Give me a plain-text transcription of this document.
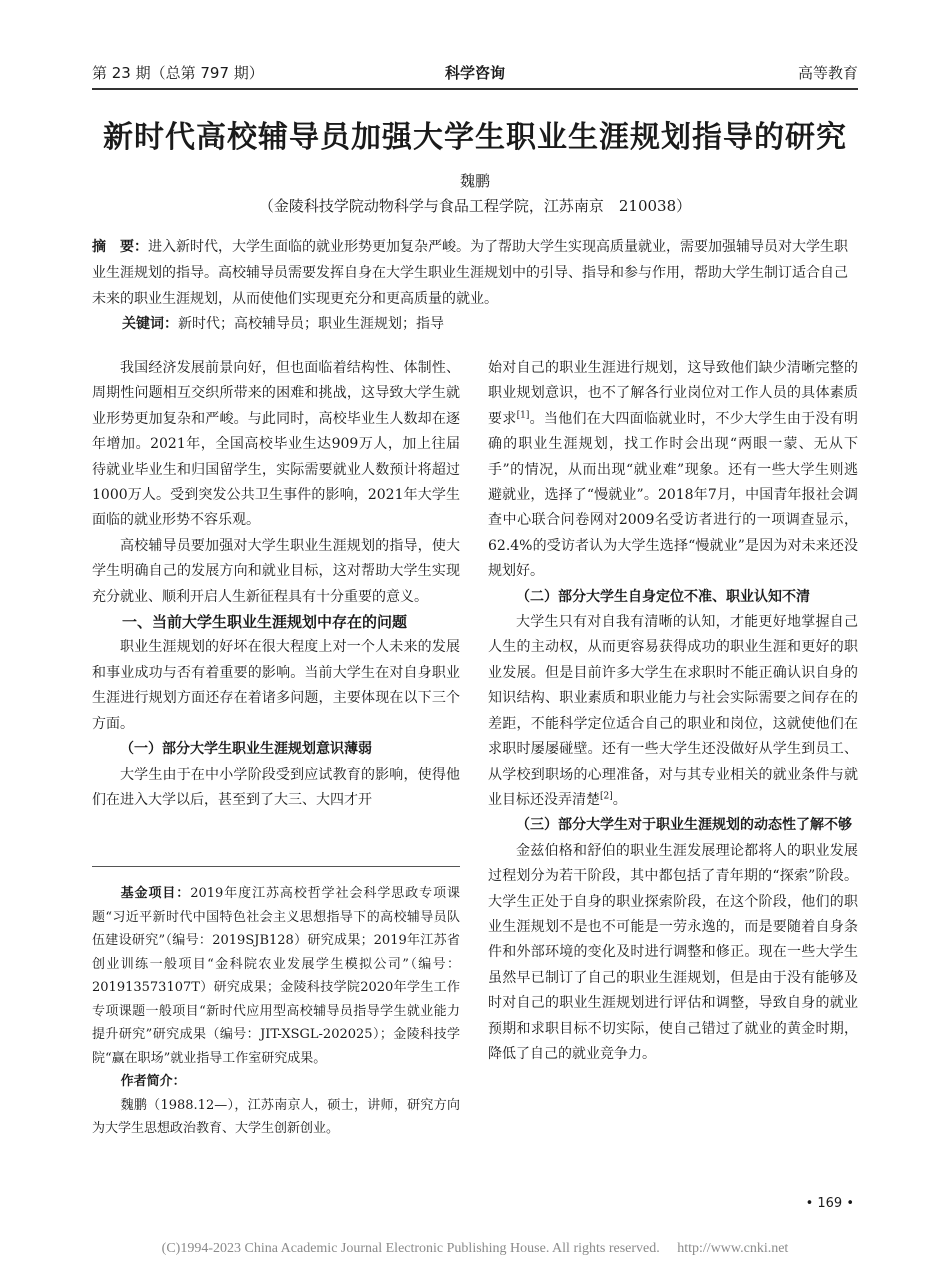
第 23 期（总第 797 期）	科学咨询	高等教育
新时代高校辅导员加强大学生职业生涯规划指导的研究
魏鹏
（金陵科技学院动物科学与食品工程学院，江苏南京　210038）
摘　要：进入新时代，大学生面临的就业形势更加复杂严峻。为了帮助大学生实现高质量就业，需要加强辅导员对大学生职业生涯规划的指导。高校辅导员需要发挥自身在大学生职业生涯规划中的引导、指导和参与作用，帮助大学生制订适合自己未来的职业生涯规划，从而使他们实现更充分和更高质量的就业。
关键词：新时代；高校辅导员；职业生涯规划；指导

我国经济发展前景向好，但也面临着结构性、体制性、周期性问题相互交织所带来的困难和挑战，这导致大学生就业形势更加复杂和严峻。与此同时，高校毕业生人数却在逐年增加。2021年，全国高校毕业生达909万人，加上往届待就业毕业生和归国留学生，实际需要就业人数预计将超过1000万人。受到突发公共卫生事件的影响，2021年大学生面临的就业形势不容乐观。

高校辅导员要加强对大学生职业生涯规划的指导，使大学生明确自己的发展方向和就业目标，这对帮助大学生实现充分就业、顺利开启人生新征程具有十分重要的意义。

一、当前大学生职业生涯规划中存在的问题

职业生涯规划的好坏在很大程度上对一个人未来的发展和事业成功与否有着重要的影响。当前大学生在对自身职业生涯进行规划方面还存在着诸多问题，主要体现在以下三个方面。

（一）部分大学生职业生涯规划意识薄弱

大学生由于在中小学阶段受到应试教育的影响，使得他们在进入大学以后，甚至到了大三、大四才开

始对自己的职业生涯进行规划，这导致他们缺少清晰完整的职业规划意识，也不了解各行业岗位对工作人员的具体素质要求[1]。当他们在大四面临就业时，不少大学生由于没有明确的职业生涯规划，找工作时会出现“两眼一蒙、无从下手”的情况，从而出现“就业难”现象。还有一些大学生则逃避就业，选择了“慢就业”。2018年7月，中国青年报社会调查中心联合问卷网对2009名受访者进行的一项调查显示，62.4%的受访者认为大学生选择“慢就业”是因为对未来还没规划好。

（二）部分大学生自身定位不准、职业认知不清

大学生只有对自我有清晰的认知，才能更好地掌握自己人生的主动权，从而更容易获得成功的职业生涯和更好的职业发展。但是目前许多大学生在求职时不能正确认识自身的知识结构、职业素质和职业能力与社会实际需要之间存在的差距，不能科学定位适合自己的职业和岗位，这就使他们在求职时屡屡碰壁。还有一些大学生还没做好从学生到员工、从学校到职场的心理准备，对与其专业相关的就业条件与就业目标还没弄清楚[2]。

（三）部分大学生对于职业生涯规划的动态性了解不够

金兹伯格和舒伯的职业生涯发展理论都将人的职业发展过程划分为若干阶段，其中都包括了青年期的“探索”阶段。大学生正处于自身的职业探索阶段，在这个阶段，他们的职业生涯规划不是也不可能是一劳永逸的，而是要随着自身条件和外部环境的变化及时进行调整和修正。现在一些大学生虽然早已制订了自己的职业生涯规划，但是由于没有能够及时对自己的职业生涯规划进行评估和调整，导致自身的就业预期和求职目标不切实际，使自己错过了就业的黄金时期，降低了自己的就业竞争力。

基金项目：2019年度江苏高校哲学社会科学思政专项课题“习近平新时代中国特色社会主义思想指导下的高校辅导员队伍建设研究”（编号：2019SJB128）研究成果；2019年江苏省创业训练一般项目“金科院农业发展学生模拟公司”（编号：201913573107T）研究成果；金陵科技学院2020年学生工作专项课题一般项目“新时代应用型高校辅导员指导学生就业能力提升研究”研究成果（编号：JIT-XSGL-202025）；金陵科技学院“赢在职场”就业指导工作室研究成果。

作者简介：

魏鹏（1988.12—），江苏南京人，硕士，讲师，研究方向为大学生思想政治教育、大学生创新创业。

• 169 •
(C)1994-2023 China Academic Journal Electronic Publishing House. All rights reserved.　 http://www.cnki.net
